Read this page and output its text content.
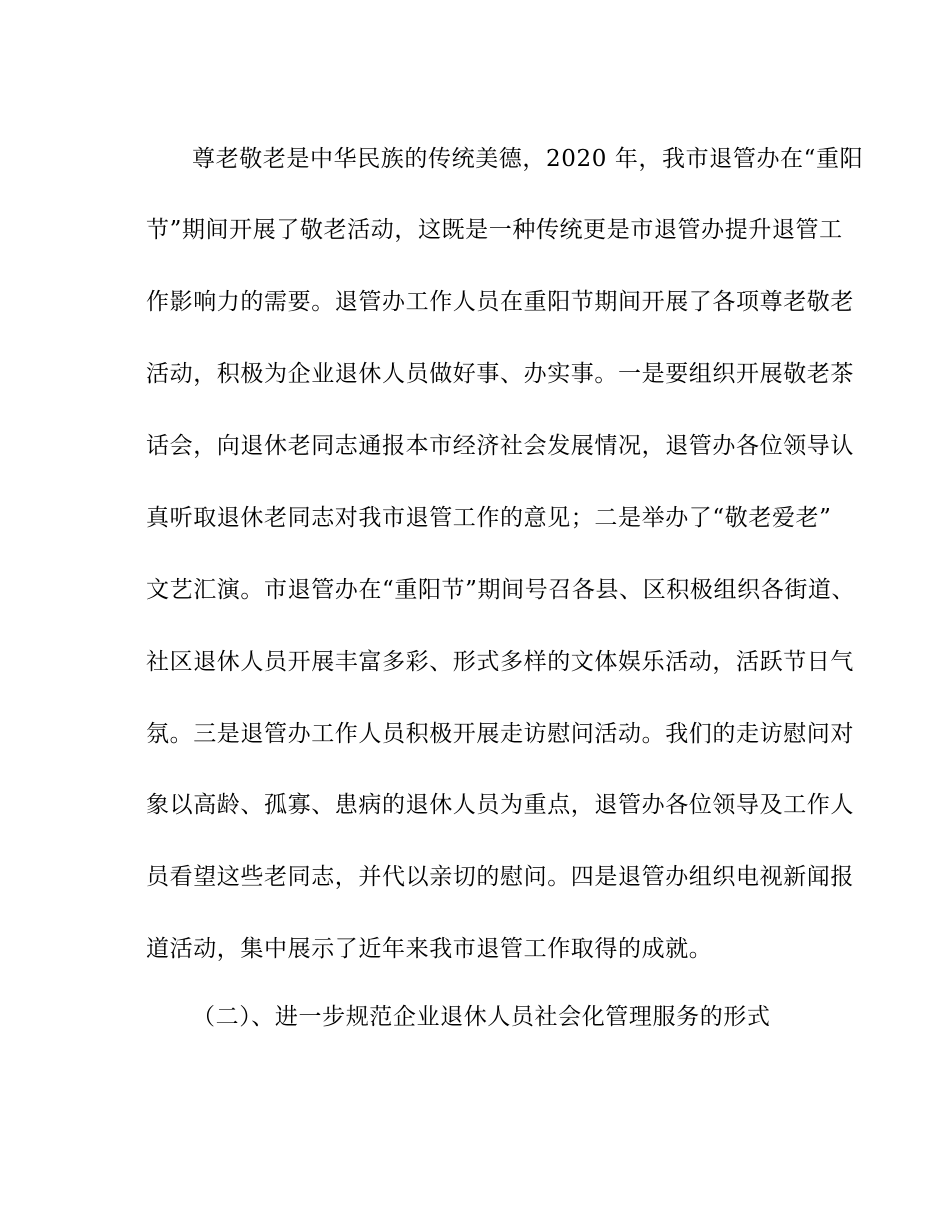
尊老敬老是中华民族的传统美德，2020 年，我市退管办在“重阳
节”期间开展了敬老活动，这既是一种传统更是市退管办提升退管工
作影响力的需要。退管办工作人员在重阳节期间开展了各项尊老敬老
活动，积极为企业退休人员做好事、办实事。一是要组织开展敬老茶
话会，向退休老同志通报本市经济社会发展情况，退管办各位领导认
真听取退休老同志对我市退管工作的意见；二是举办了“敬老爱老”
文艺汇演。市退管办在“重阳节”期间号召各县、区积极组织各街道、
社区退休人员开展丰富多彩、形式多样的文体娱乐活动，活跃节日气
氛。三是退管办工作人员积极开展走访慰问活动。我们的走访慰问对
象以高龄、孤寡、患病的退休人员为重点，退管办各位领导及工作人
员看望这些老同志，并代以亲切的慰问。四是退管办组织电视新闻报
道活动，集中展示了近年来我市退管工作取得的成就。
（二）、进一步规范企业退休人员社会化管理服务的形式
